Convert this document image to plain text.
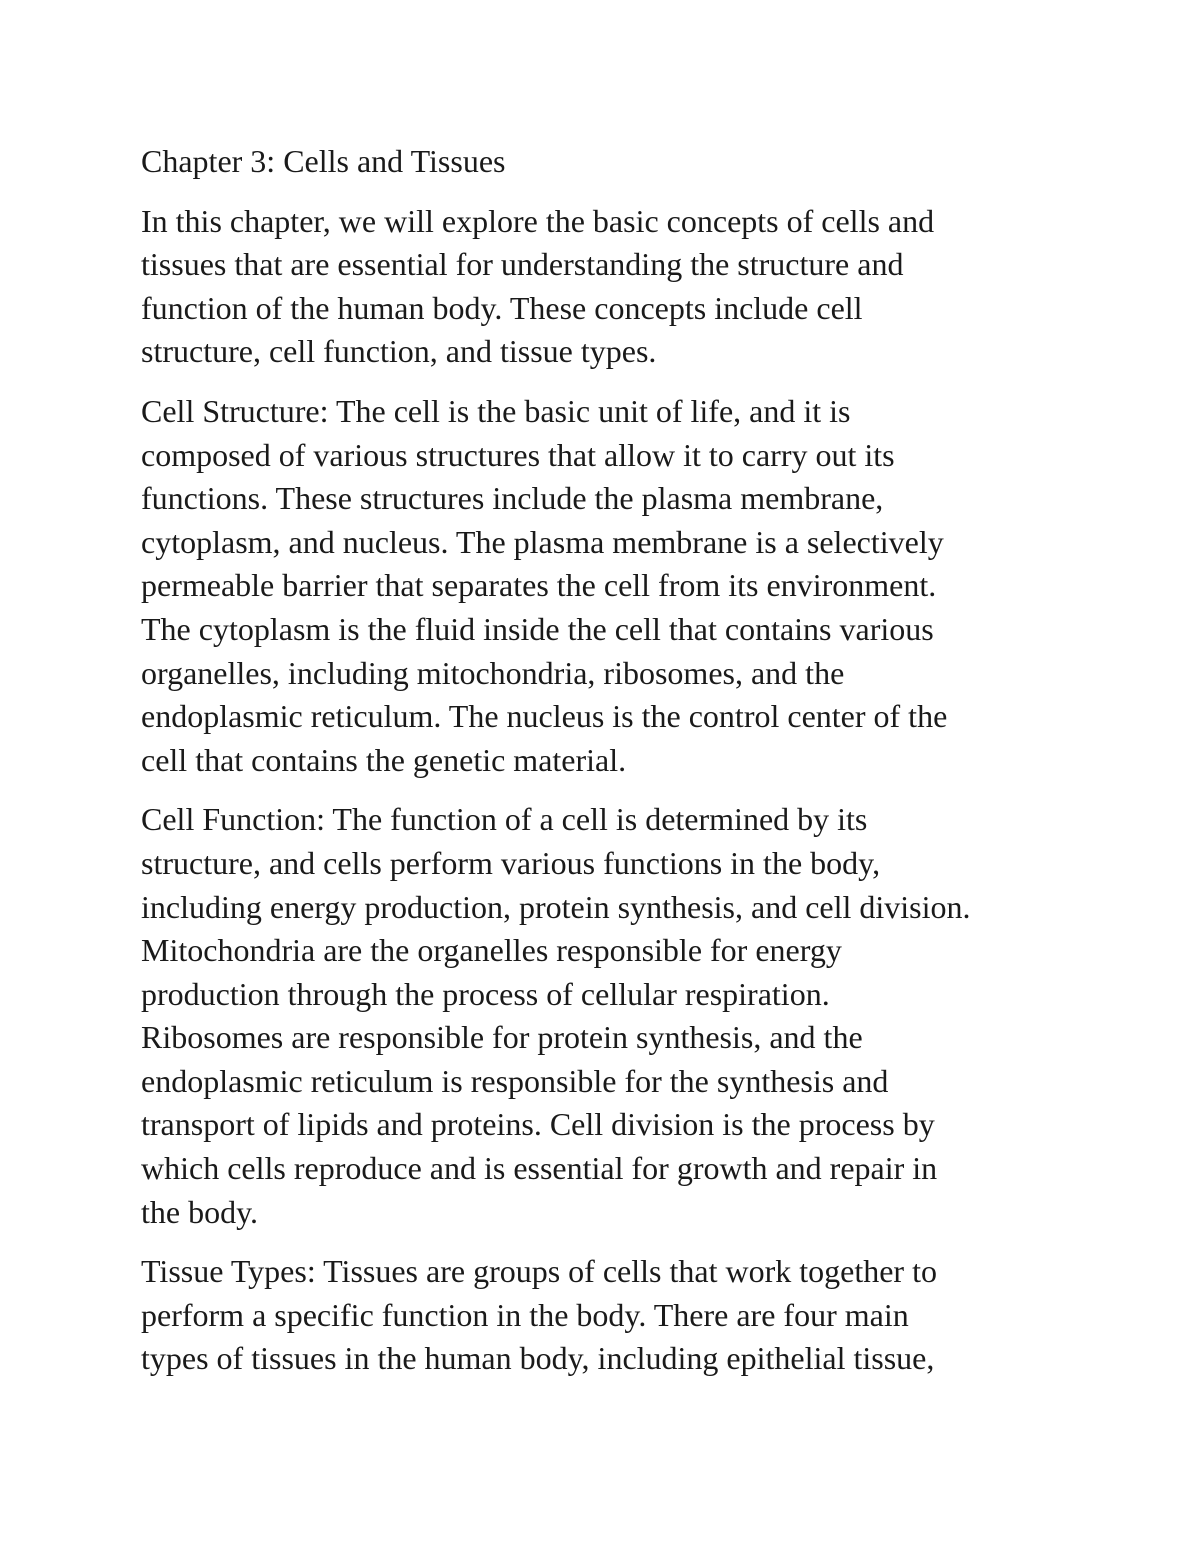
Chapter 3: Cells and Tissues
In this chapter, we will explore the basic concepts of cells and
tissues that are essential for understanding the structure and
function of the human body. These concepts include cell
structure, cell function, and tissue types.
Cell Structure: The cell is the basic unit of life, and it is
composed of various structures that allow it to carry out its
functions. These structures include the plasma membrane,
cytoplasm, and nucleus. The plasma membrane is a selectively
permeable barrier that separates the cell from its environment.
The cytoplasm is the fluid inside the cell that contains various
organelles, including mitochondria, ribosomes, and the
endoplasmic reticulum. The nucleus is the control center of the
cell that contains the genetic material.
Cell Function: The function of a cell is determined by its
structure, and cells perform various functions in the body,
including energy production, protein synthesis, and cell division.
Mitochondria are the organelles responsible for energy
production through the process of cellular respiration.
Ribosomes are responsible for protein synthesis, and the
endoplasmic reticulum is responsible for the synthesis and
transport of lipids and proteins. Cell division is the process by
which cells reproduce and is essential for growth and repair in
the body.
Tissue Types: Tissues are groups of cells that work together to
perform a specific function in the body. There are four main
types of tissues in the human body, including epithelial tissue,
